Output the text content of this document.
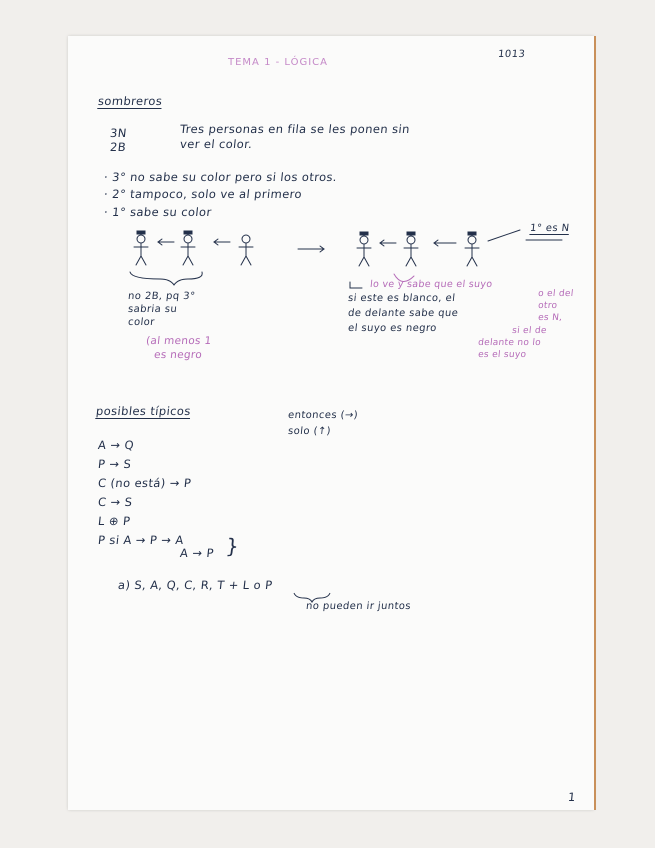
TEMA 1 - LÓGICA
1013
sombreros
3N
2B
Tres personas en fila se les ponen sin
ver el color.
· 3° no sabe su color pero si los otros.
· 2° tampoco, solo ve al primero
· 1° sabe su color
1° es N
no 2B, pq 3°
sabria su
color
(al menos 1
es negro
lo ve y sabe que el suyo
si este es blanco, el
de delante sabe que
el suyo es negro
o el del
otro
es N,
si el de
delante no lo
es el suyo
posibles típicos	entonces (→)
solo (↑)
A → Q
P → S
C (no está) → P
C → S
L ⊕ P
P si A → P → A
A → P }
a) S, A, Q, C, R, T + L o P
no pueden ir juntos
1
